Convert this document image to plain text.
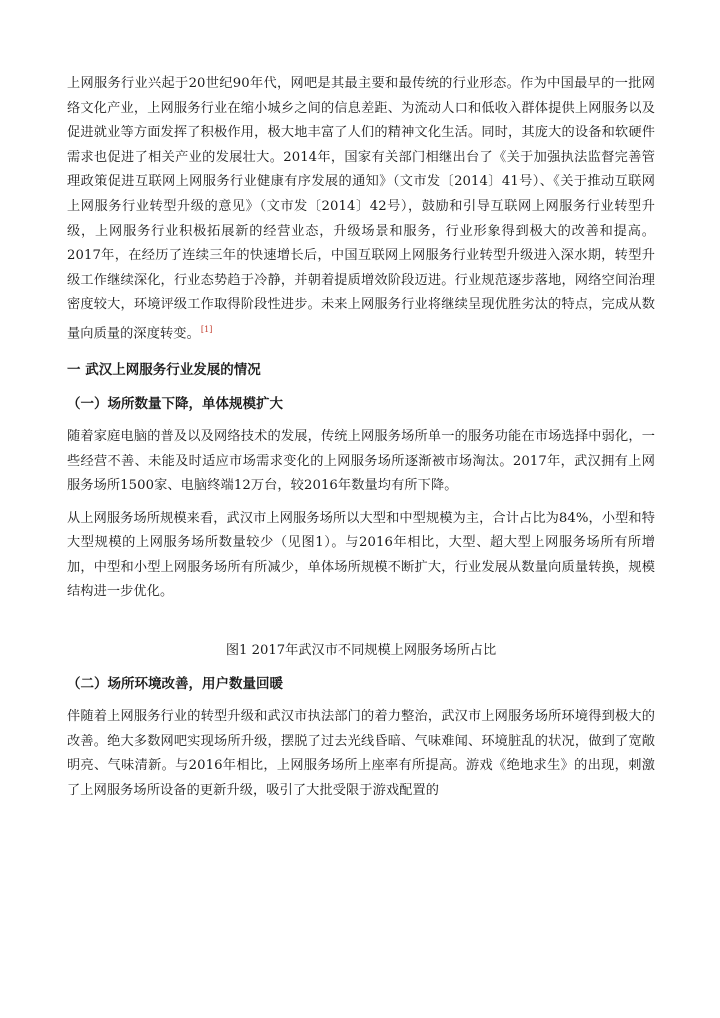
上网服务行业兴起于20世纪90年代，网吧是其最主要和最传统的行业形态。作为中国最早的一批网络文化产业，上网服务行业在缩小城乡之间的信息差距、为流动人口和低收入群体提供上网服务以及促进就业等方面发挥了积极作用，极大地丰富了人们的精神文化生活。同时，其庞大的设备和软硬件需求也促进了相关产业的发展壮大。2014年，国家有关部门相继出台了《关于加强执法监督完善管理政策促进互联网上网服务行业健康有序发展的通知》（文市发〔2014〕41号）、《关于推动互联网上网服务行业转型升级的意见》（文市发〔2014〕42号），鼓励和引导互联网上网服务行业转型升级，上网服务行业积极拓展新的经营业态，升级场景和服务，行业形象得到极大的改善和提高。2017年，在经历了连续三年的快速增长后，中国互联网上网服务行业转型升级进入深水期，转型升级工作继续深化，行业态势趋于冷静，并朝着提质增效阶段迈进。行业规范逐步落地，网络空间治理密度较大，环境评级工作取得阶段性进步。未来上网服务行业将继续呈现优胜劣汰的特点，完成从数量向质量的深度转变。[1]

一 武汉上网服务行业发展的情况
（一）场所数量下降，单体规模扩大

随着家庭电脑的普及以及网络技术的发展，传统上网服务场所单一的服务功能在市场选择中弱化，一些经营不善、未能及时适应市场需求变化的上网服务场所逐渐被市场淘汰。2017年，武汉拥有上网服务场所1500家、电脑终端12万台，较2016年数量均有所下降。

从上网服务场所规模来看，武汉市上网服务场所以大型和中型规模为主，合计占比为84%，小型和特大型规模的上网服务场所数量较少（见图1）。与2016年相比，大型、超大型上网服务场所有所增加，中型和小型上网服务场所有所减少，单体场所规模不断扩大，行业发展从数量向质量转换，规模结构进一步优化。

图1 2017年武汉市不同规模上网服务场所占比

（二）场所环境改善，用户数量回暖

伴随着上网服务行业的转型升级和武汉市执法部门的着力整治，武汉市上网服务场所环境得到极大的改善。绝大多数网吧实现场所升级，摆脱了过去光线昏暗、气味难闻、环境脏乱的状况，做到了宽敞明亮、气味清新。与2016年相比，上网服务场所上座率有所提高。游戏《绝地求生》的出现，刺激了上网服务场所设备的更新升级，吸引了大批受限于游戏配置的
